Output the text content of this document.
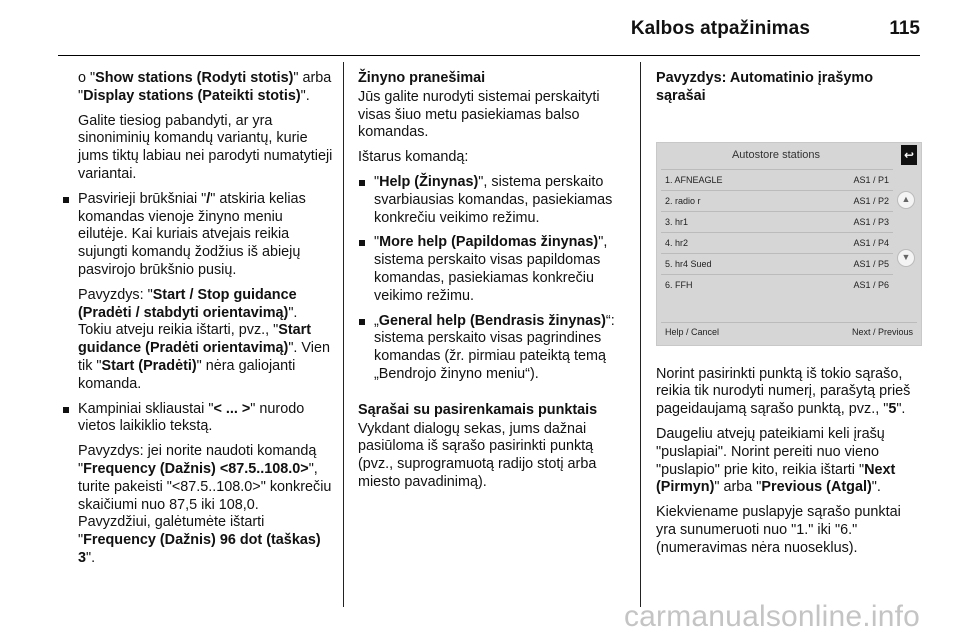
Kalbos atpažinimas	115

o "Show stations (Rodyti stotis)" arba "Display stations (Pateikti stotis)".

Galite tiesiog pabandyti, ar yra sinoniminių komandų variantų, kurie jums tiktų labiau nei parodyti numatytieji variantai.

Pasvirieji brūkšniai "/" atskiria kelias komandas vienoje žinyno meniu eilutėje. Kai kuriais atvejais reikia sujungti komandų žodžius iš abiejų pasvirojo brūkšnio pusių.

Pavyzdys: "Start / Stop guidance (Pradėti / stabdyti orientavimą)". Tokiu atveju reikia ištarti, pvz., "Start guidance (Pradėti orientavimą)". Vien tik "Start (Pradėti)" nėra galiojanti komanda.

Kampiniai skliaustai "< ... >" nurodo vietos laikiklio tekstą.

Pavyzdys: jei norite naudoti komandą "Frequency (Dažnis) <87.5..108.0>", turite pakeisti "<87.5..108.0>" konkrečiu skaičiumi nuo 87,5 iki 108,0. Pavyzdžiui, galėtumėte ištarti "Frequency (Dažnis) 96 dot (taškas) 3".

Žinyno pranešimai

Jūs galite nurodyti sistemai perskaityti visas šiuo metu pasiekiamas balso komandas.

Ištarus komandą:

"Help (Žinynas)", sistema perskaito svarbiausias komandas, pasiekiamas konkrečiu veikimo režimu.
"More help (Papildomas žinynas)", sistema perskaito visas papildomas komandas, pasiekiamas konkrečiu veikimo režimu.
„General help (Bendrasis žinynas)“: sistema perskaito visas pagrindines komandas (žr. pirmiau pateiktą temą „Bendrojo žinyno meniu“).
Sąrašai su pasirenkamais punktais

Vykdant dialogų sekas, jums dažnai pasiūloma iš sąrašo pasirinkti punktą (pvz., suprogramuotą radijo stotį arba miesto pavadinimą).

Pavyzdys: Automatinio įrašymo sąrašai
Autostore stations	↩
1. AFNEAGLE	AS1 / P1
2. radio r	AS1 / P2
3. hr1	AS1 / P3
4. hr2	AS1 / P4
5. hr4 Sued	AS1 / P5
6. FFH	AS1 / P6
▲
▼
Help / Cancel	Next / Previous

Norint pasirinkti punktą iš tokio sąrašo, reikia tik nurodyti numerį, parašytą prieš pageidaujamą sąrašo punktą, pvz., "5".

Daugeliu atvejų pateikiami keli įrašų "puslapiai". Norint pereiti nuo vieno "puslapio" prie kito, reikia ištarti "Next (Pirmyn)" arba "Previous (Atgal)".

Kiekviename puslapyje sąrašo punktai yra sunumeruoti nuo "1." iki "6." (numeravimas nėra nuoseklus).

carmanualsonline.info
